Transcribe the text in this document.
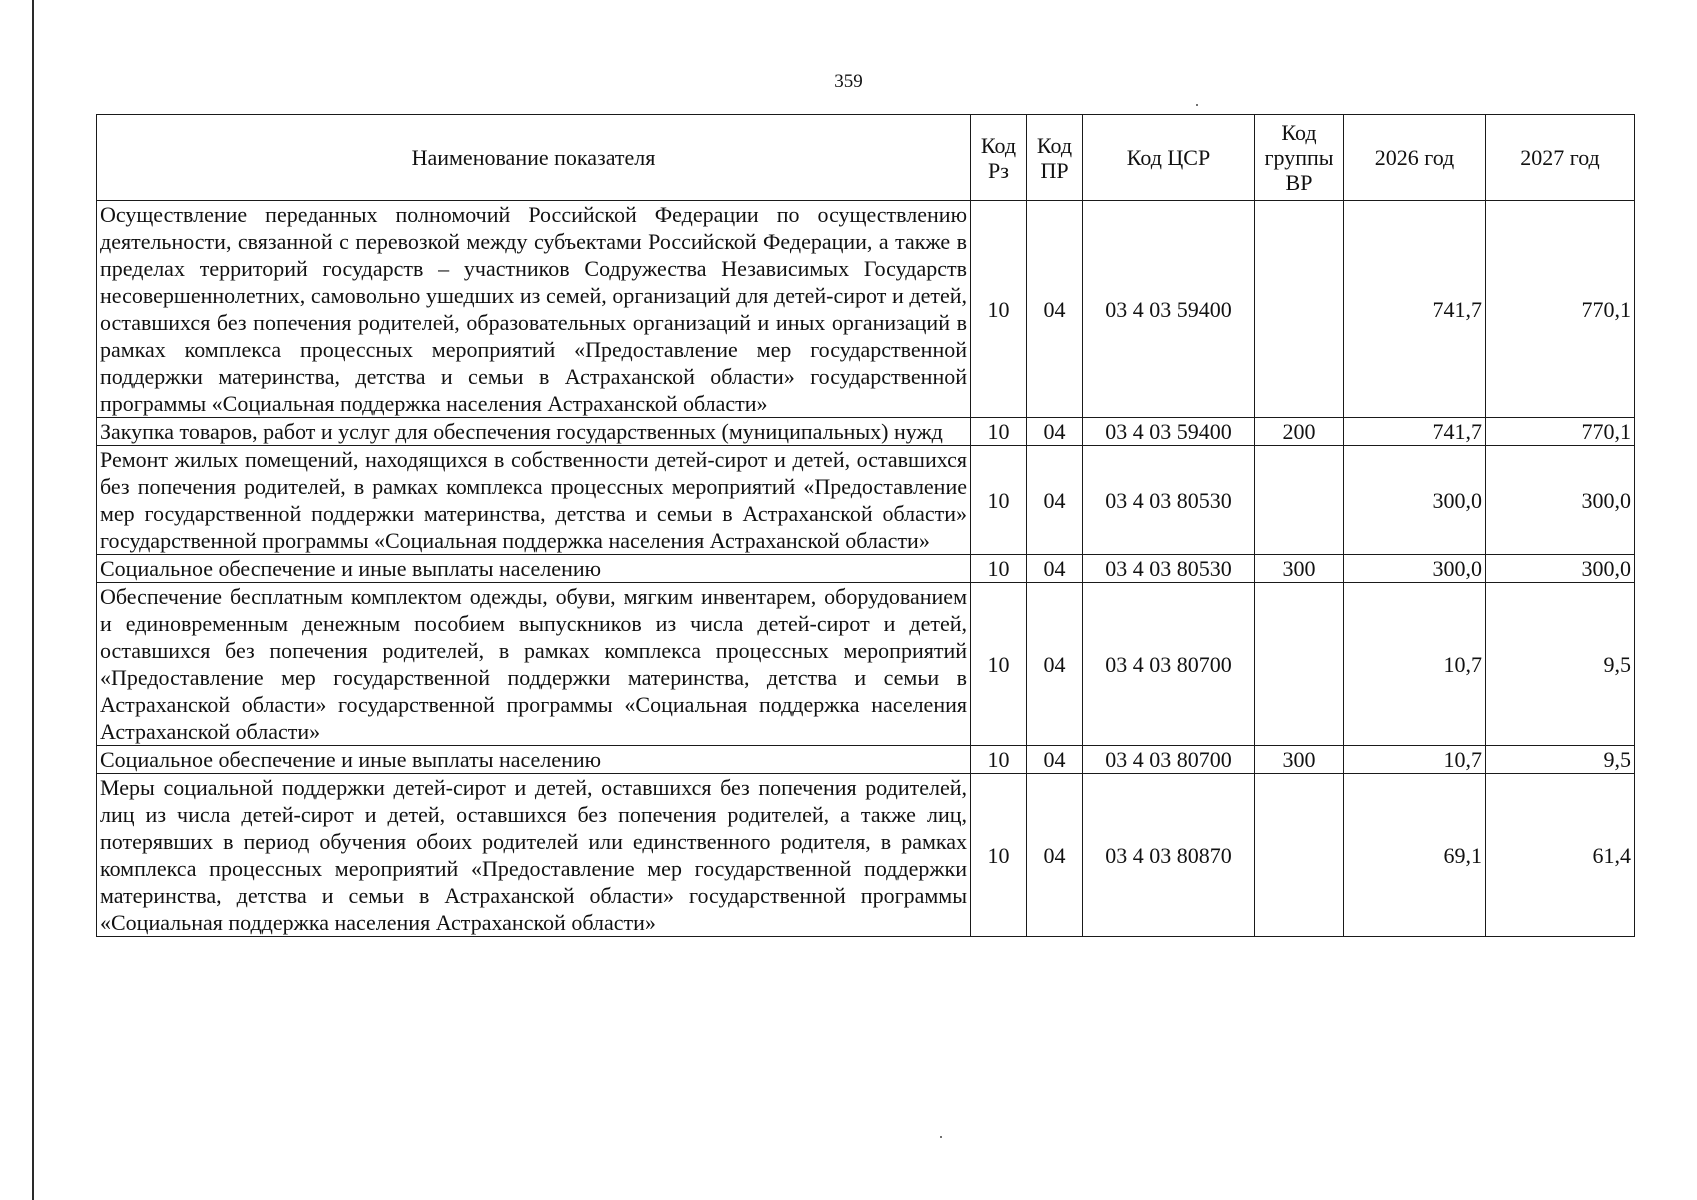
359
Наименование показателя	Код Рз	Код ПР	Код ЦСР	Код группы ВР	2026 год	2027 год
Осуществление переданных полномочий Российской Федерации по осуществлению деятельности, связанной с перевозкой между субъектами Российской Федерации, а также в пределах территорий государств – участников Содружества Независимых Государств несовершеннолетних, самовольно ушедших из семей, организаций для детей-сирот и детей, оставшихся без попечения родителей, образовательных организаций и иных организаций в рамках комплекса процессных мероприятий «Предоставление мер государственной поддержки материнства, детства и семьи в Астраханской области» государственной программы «Социальная поддержка населения Астраханской области»	10	04	03 4 03 59400		741,7	770,1
Закупка товаров, работ и услуг для обеспечения государственных (муниципальных) нужд	10	04	03 4 03 59400	200	741,7	770,1
Ремонт жилых помещений, находящихся в собственности детей-сирот и детей, оставшихся без попечения родителей, в рамках комплекса процессных мероприятий «Предоставление мер государственной поддержки материнства, детства и семьи в Астраханской области» государственной программы «Социальная поддержка населения Астраханской области»	10	04	03 4 03 80530		300,0	300,0
Социальное обеспечение и иные выплаты населению	10	04	03 4 03 80530	300	300,0	300,0
Обеспечение бесплатным комплектом одежды, обуви, мягким инвентарем, оборудованием и единовременным денежным пособием выпускников из числа детей-сирот и детей, оставшихся без попечения родителей, в рамках комплекса процессных мероприятий «Предоставление мер государственной поддержки материнства, детства и семьи в Астраханской области» государственной программы «Социальная поддержка населения Астраханской области»	10	04	03 4 03 80700		10,7	9,5
Социальное обеспечение и иные выплаты населению	10	04	03 4 03 80700	300	10,7	9,5
Меры социальной поддержки детей-сирот и детей, оставшихся без попечения родителей, лиц из числа детей-сирот и детей, оставшихся без попечения родителей, а также лиц, потерявших в период обучения обоих родителей или единственного родителя, в рамках комплекса процессных мероприятий «Предоставление мер государственной поддержки материнства, детства и семьи в Астраханской области» государственной программы «Социальная поддержка населения Астраханской области»	10	04	03 4 03 80870		69,1	61,4
